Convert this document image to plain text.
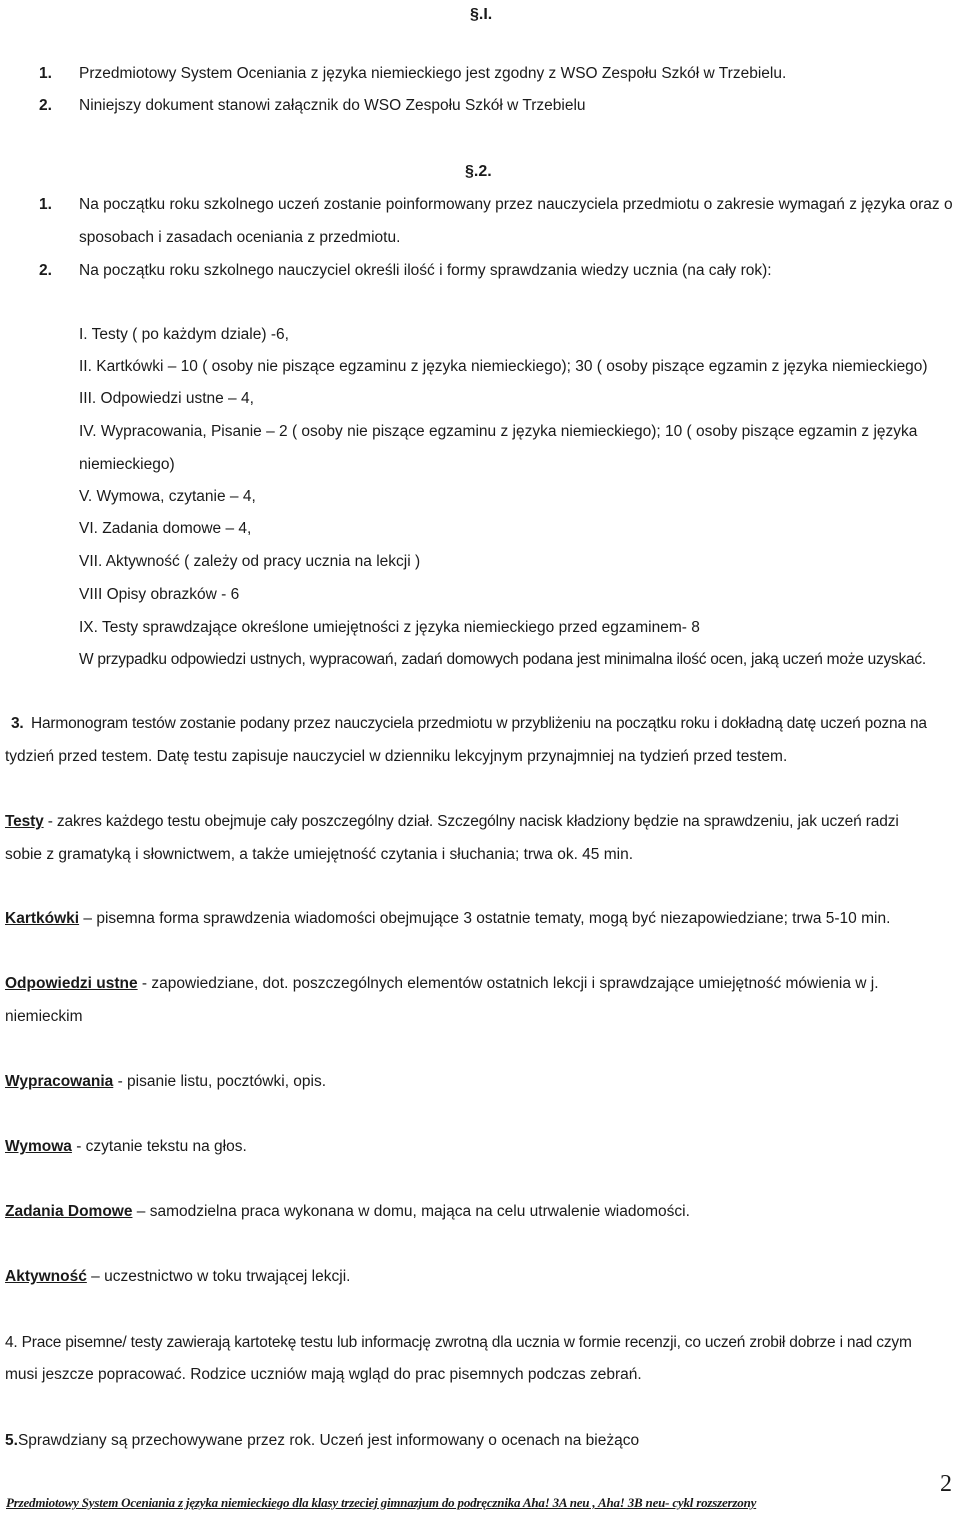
§.I.
1. Przedmiotowy System Oceniania z języka niemieckiego jest zgodny z WSO Zespołu Szkół w Trzebielu.
2. Niniejszy dokument stanowi załącznik do WSO Zespołu Szkół w Trzebielu
§.2.
1. Na początku roku szkolnego uczeń zostanie poinformowany przez nauczyciela przedmiotu o zakresie wymagań z języka oraz o
sposobach i zasadach oceniania z przedmiotu.
2. Na początku roku szkolnego nauczyciel określi ilość i formy sprawdzania wiedzy ucznia (na cały rok):
I. Testy ( po każdym dziale) -6,
II. Kartkówki – 10 ( osoby nie piszące egzaminu z języka niemieckiego); 30 ( osoby piszące egzamin z języka niemieckiego)
III. Odpowiedzi ustne – 4,
IV. Wypracowania, Pisanie – 2 ( osoby nie piszące egzaminu z języka niemieckiego); 10 ( osoby piszące egzamin z języka
niemieckiego)
V. Wymowa, czytanie – 4,
VI. Zadania domowe – 4,
VII. Aktywność ( zależy od pracy ucznia na lekcji )
VIII Opisy obrazków - 6
IX. Testy sprawdzające określone umiejętności z języka niemieckiego przed egzaminem- 8
W przypadku odpowiedzi ustnych, wypracowań, zadań domowych podana jest minimalna ilość ocen, jaką uczeń może uzyskać.
3. Harmonogram testów zostanie podany przez nauczyciela przedmiotu w przybliżeniu na początku roku i dokładną datę uczeń pozna na
tydzień przed testem. Datę testu zapisuje nauczyciel w dzienniku lekcyjnym przynajmniej na tydzień przed testem.
Testy - zakres każdego testu obejmuje cały poszczególny dział. Szczególny nacisk kładziony będzie na sprawdzeniu, jak uczeń radzi
sobie z gramatyką i słownictwem, a także umiejętność czytania i słuchania; trwa ok. 45 min.
Kartkówki – pisemna forma sprawdzenia wiadomości obejmujące 3 ostatnie tematy, mogą być niezapowiedziane; trwa 5-10 min.
Odpowiedzi ustne - zapowiedziane, dot. poszczególnych elementów ostatnich lekcji i sprawdzające umiejętność mówienia w j.
niemieckim
Wypracowania - pisanie listu, pocztówki, opis.
Wymowa - czytanie tekstu na głos.
Zadania Domowe – samodzielna praca wykonana w domu, mająca na celu utrwalenie wiadomości.
Aktywność – uczestnictwo w toku trwającej lekcji.
4. Prace pisemne/ testy zawierają kartotekę testu lub informację zwrotną dla ucznia w formie recenzji, co uczeń zrobił dobrze i nad czym
musi jeszcze popracować. Rodzice uczniów mają wgląd do prac pisemnych podczas zebrań.
5.Sprawdziany są przechowywane przez rok. Uczeń jest informowany o ocenach na bieżąco
2
Przedmiotowy System Oceniania z języka niemieckiego dla klasy trzeciej gimnazjum do podręcznika Aha! 3A neu , Aha! 3B neu- cykl rozszerzony
